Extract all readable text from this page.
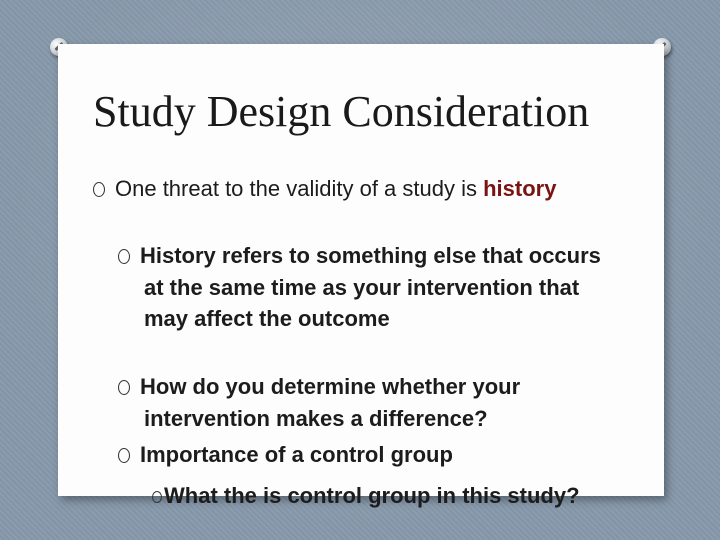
Study Design Consideration
One threat to the validity of a study is history
History refers to something else that occurs at the same time as your intervention that may affect the outcome
How do you determine whether your intervention makes a difference?
Importance of a control group
What the is control group in this study?
